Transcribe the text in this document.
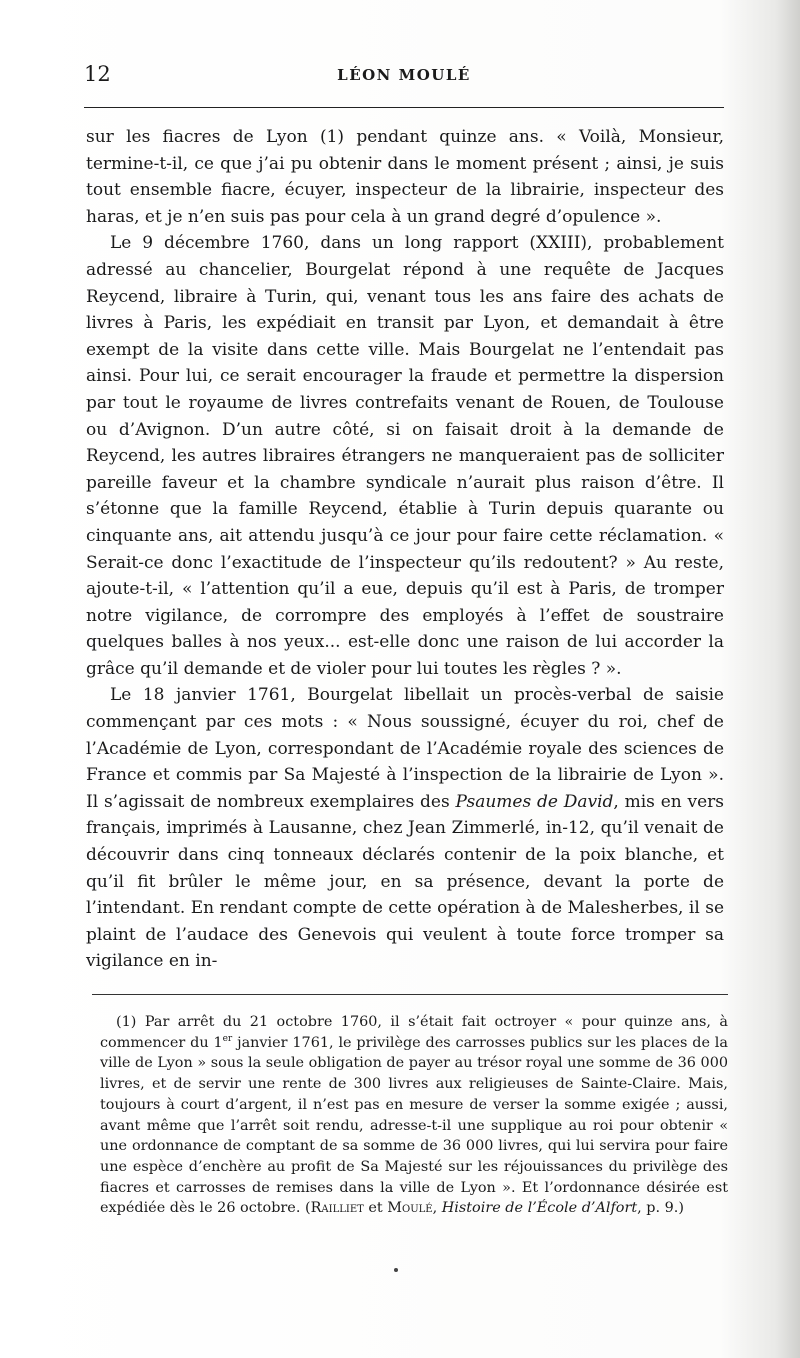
12	LÉON MOULÉ

sur les fiacres de Lyon (1) pendant quinze ans. « Voilà, Monsieur, termine-t-il, ce que j’ai pu obtenir dans le moment présent ; ainsi, je suis tout ensemble fiacre, écuyer, inspecteur de la librairie, inspecteur des haras, et je n’en suis pas pour cela à un grand degré d’opulence ».

Le 9 décembre 1760, dans un long rapport (XXIII), probablement adressé au chancelier, Bourgelat répond à une requête de Jacques Reycend, libraire à Turin, qui, venant tous les ans faire des achats de livres à Paris, les expédiait en transit par Lyon, et demandait à être exempt de la visite dans cette ville. Mais Bourgelat ne l’entendait pas ainsi. Pour lui, ce serait encourager la fraude et permettre la dispersion par tout le royaume de livres contrefaits venant de Rouen, de Toulouse ou d’Avignon. D’un autre côté, si on faisait droit à la demande de Reycend, les autres libraires étrangers ne manqueraient pas de solliciter pareille faveur et la chambre syndicale n’aurait plus raison d’être. Il s’étonne que la famille Reycend, établie à Turin depuis quarante ou cinquante ans, ait attendu jusqu’à ce jour pour faire cette réclamation. « Serait-ce donc l’exactitude de l’inspecteur qu’ils redoutent? » Au reste, ajoute-t-il, « l’attention qu’il a eue, depuis qu’il est à Paris, de tromper notre vigilance, de corrompre des employés à l’effet de soustraire quelques balles à nos yeux... est-elle donc une raison de lui accorder la grâce qu’il demande et de violer pour lui toutes les règles ? ».

Le 18 janvier 1761, Bourgelat libellait un procès-verbal de saisie commençant par ces mots : « Nous soussigné, écuyer du roi, chef de l’Académie de Lyon, correspondant de l’Académie royale des sciences de France et commis par Sa Majesté à l’inspection de la librairie de Lyon ». Il s’agissait de nombreux exemplaires des Psaumes de David, mis en vers français, imprimés à Lausanne, chez Jean Zimmerlé, in-12, qu’il venait de découvrir dans cinq tonneaux déclarés contenir de la poix blanche, et qu’il fit brûler le même jour, en sa présence, devant la porte de l’intendant. En rendant compte de cette opération à de Malesherbes, il se plaint de l’audace des Genevois qui veulent à toute force tromper sa vigilance en in-

(1) Par arrêt du 21 octobre 1760, il s’était fait octroyer « pour quinze ans, à commencer du 1er janvier 1761, le privilège des carrosses publics sur les places de la ville de Lyon » sous la seule obligation de payer au trésor royal une somme de 36 000 livres, et de servir une rente de 300 livres aux religieuses de Sainte-Claire. Mais, toujours à court d’argent, il n’est pas en mesure de verser la somme exigée ; aussi, avant même que l’arrêt soit rendu, adresse-t-il une supplique au roi pour obtenir « une ordonnance de comptant de sa somme de 36 000 livres, qui lui servira pour faire une espèce d’enchère au profit de Sa Majesté sur les réjouissances du privilège des fiacres et carrosses de remises dans la ville de Lyon ». Et l’ordonnance désirée est expédiée dès le 26 octobre. (Railliet et Moulé, Histoire de l’École d’Alfort, p. 9.)
